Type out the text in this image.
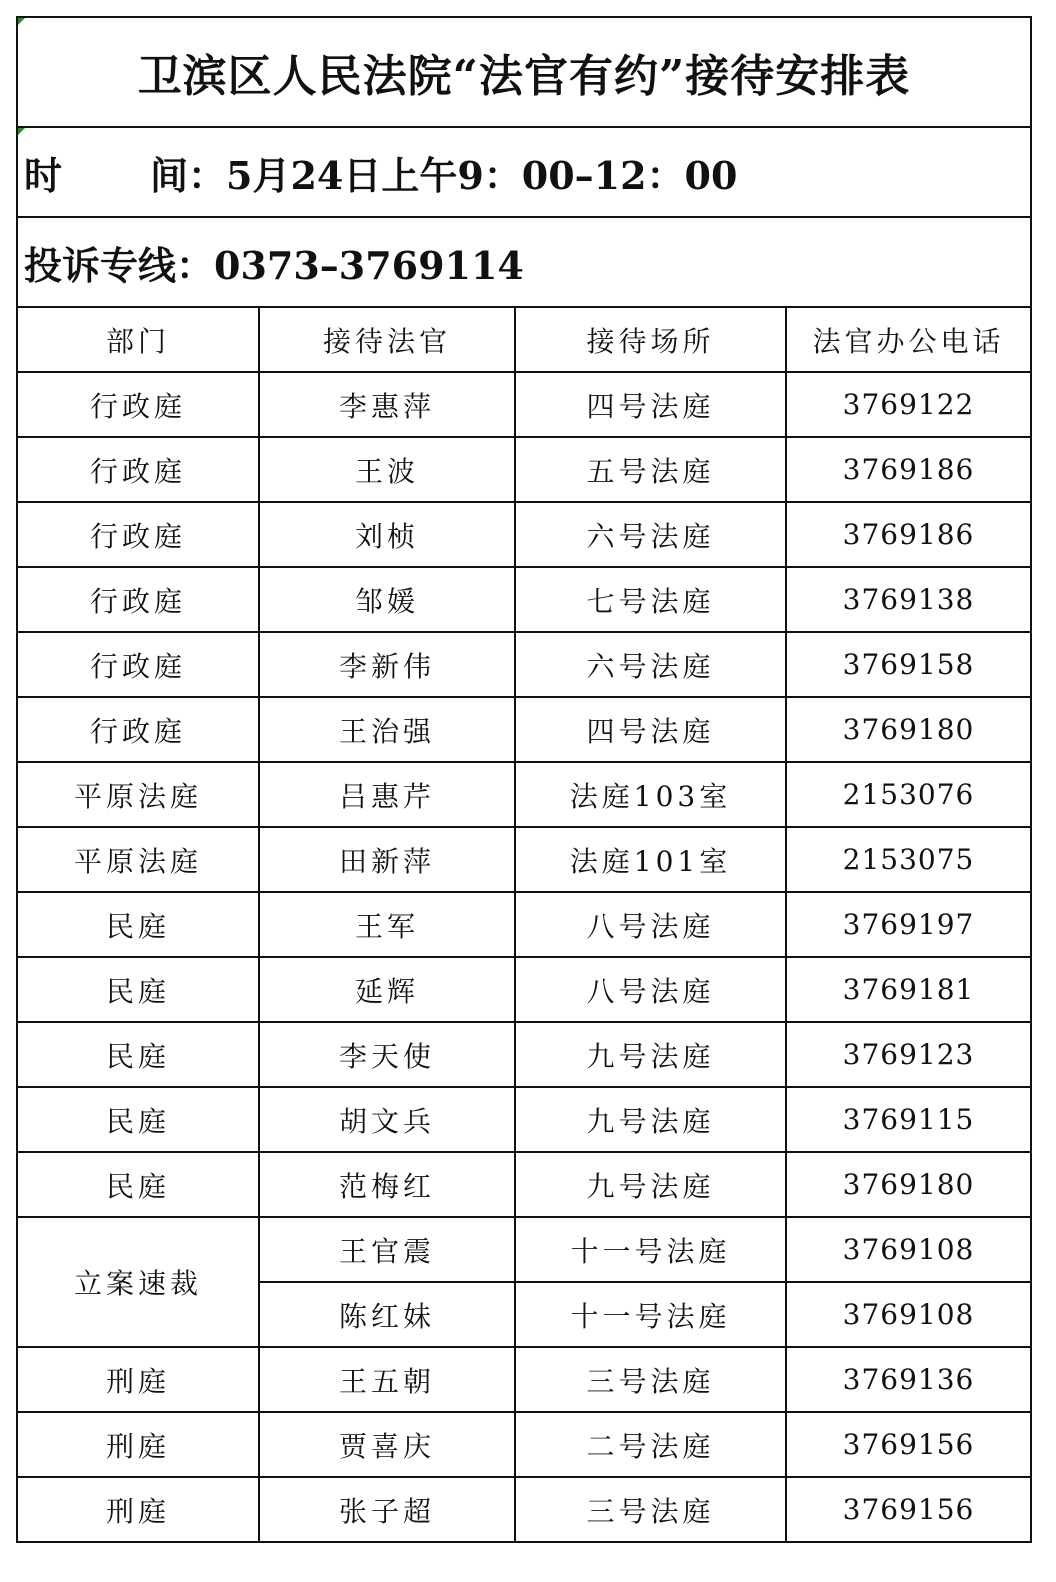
卫滨区人民法院“法官有约”接待安排表			
时 间：5月24日上午9：00–12：00			
投诉专线：0373–3769114			
部门	接待法官	接待场所	法官办公电话
行政庭	李惠萍	四号法庭	3769122
行政庭	王波	五号法庭	3769186
行政庭	刘桢	六号法庭	3769186
行政庭	邹媛	七号法庭	3769138
行政庭	李新伟	六号法庭	3769158
行政庭	王治强	四号法庭	3769180
平原法庭	吕惠芹	法庭103室	2153076
平原法庭	田新萍	法庭101室	2153075
民庭	王军	八号法庭	3769197
民庭	延辉	八号法庭	3769181
民庭	李天使	九号法庭	3769123
民庭	胡文兵	九号法庭	3769115
民庭	范梅红	九号法庭	3769180
立案速裁	王官震	十一号法庭	3769108
	陈红妹	十一号法庭	3769108
刑庭	王五朝	三号法庭	3769136
刑庭	贾喜庆	二号法庭	3769156
刑庭	张子超	三号法庭	3769156
